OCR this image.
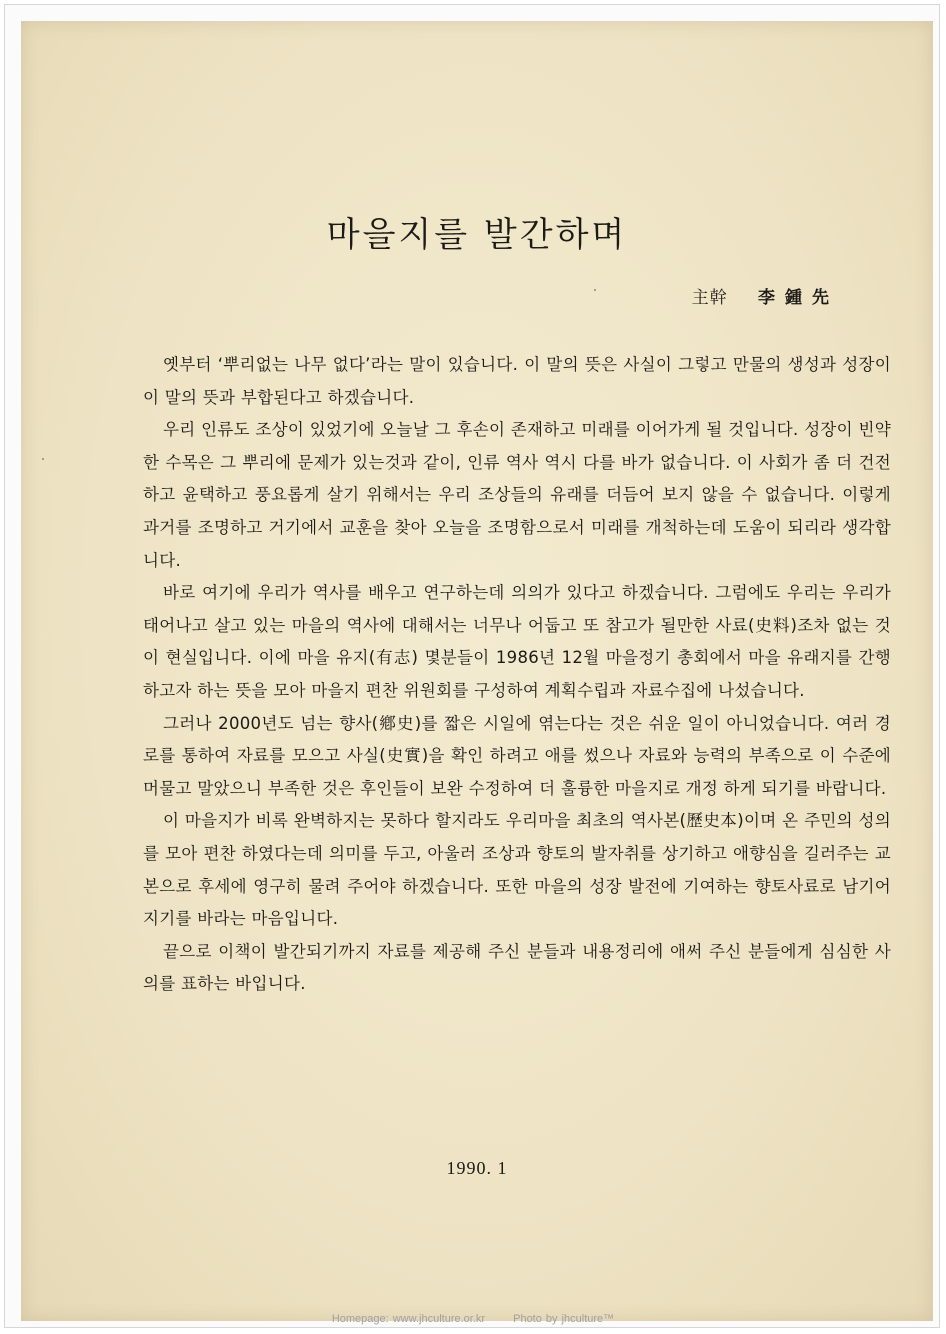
마을지를 발간하며
主幹 李鍾先

옛부터 ‘뿌리없는 나무 없다’라는 말이 있습니다. 이 말의 뜻은 사실이 그렇고 만물의 생성과 성장이 이 말의 뜻과 부합된다고 하겠습니다.

우리 인류도 조상이 있었기에 오늘날 그 후손이 존재하고 미래를 이어가게 될 것입니다. 성장이 빈약한 수목은 그 뿌리에 문제가 있는것과 같이, 인류 역사 역시 다를 바가 없습니다. 이 사회가 좀 더 건전하고 윤택하고 풍요롭게 살기 위해서는 우리 조상들의 유래를 더듬어 보지 않을 수 없습니다. 이렇게 과거를 조명하고 거기에서 교훈을 찾아 오늘을 조명함으로서 미래를 개척하는데 도움이 되리라 생각합니다.

바로 여기에 우리가 역사를 배우고 연구하는데 의의가 있다고 하겠습니다. 그럼에도 우리는 우리가 태어나고 살고 있는 마을의 역사에 대해서는 너무나 어둡고 또 참고가 될만한 사료(史料)조차 없는 것이 현실입니다. 이에 마을 유지(有志) 몇분들이 1986년 12월 마을정기 총회에서 마을 유래지를 간행 하고자 하는 뜻을 모아 마을지 편찬 위원회를 구성하여 계획수립과 자료수집에 나섰습니다.

그러나 2000년도 넘는 향사(鄕史)를 짧은 시일에 엮는다는 것은 쉬운 일이 아니었습니다. 여러 경로를 통하여 자료를 모으고 사실(史實)을 확인 하려고 애를 썼으나 자료와 능력의 부족으로 이 수준에 머물고 말았으니 부족한 것은 후인들이 보완 수정하여 더 훌륭한 마을지로 개정 하게 되기를 바랍니다.

이 마을지가 비록 완벽하지는 못하다 할지라도 우리마을 최초의 역사본(歷史本)이며 온 주민의 성의를 모아 편찬 하였다는데 의미를 두고, 아울러 조상과 향토의 발자취를 상기하고 애향심을 길러주는 교본으로 후세에 영구히 물려 주어야 하겠습니다. 또한 마을의 성장 발전에 기여하는 향토사료로 남기어 지기를 바라는 마음입니다.

끝으로 이책이 발간되기까지 자료를 제공해 주신 분들과 내용정리에 애써 주신 분들에게 심심한 사의를 표하는 바입니다.

1990. 1
Homepage: www.jhculture.or.kr	Photo by jhculture™
